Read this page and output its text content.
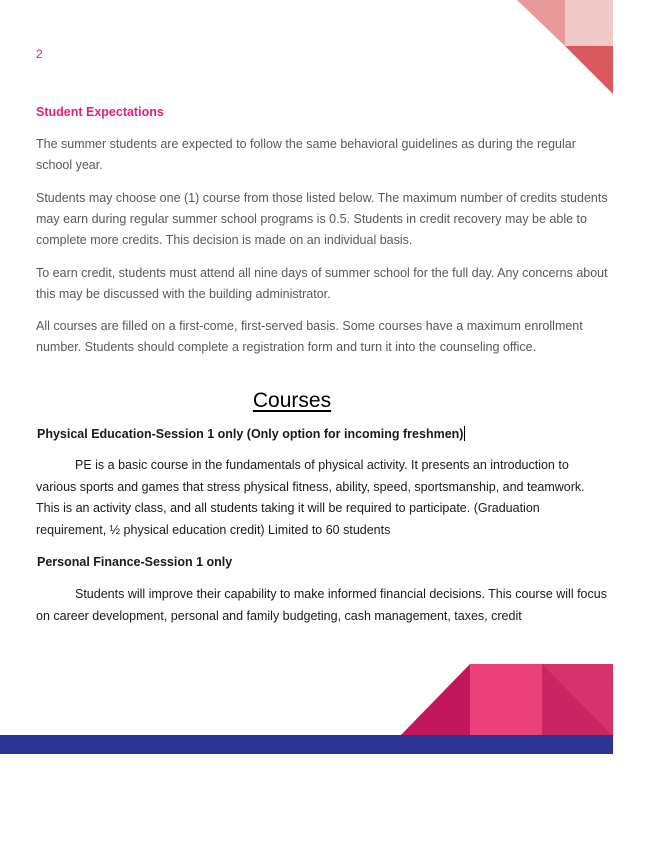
2
Student Expectations

The summer students are expected to follow the same behavioral guidelines as during the regular school year.

Students may choose one (1) course from those listed below. The maximum number of credits students may earn during regular summer school programs is 0.5. Students in credit recovery may be able to complete more credits. This decision is made on an individual basis.

To earn credit, students must attend all nine days of summer school for the full day. Any concerns about this may be discussed with the building administrator.

All courses are filled on a first-come, first-served basis. Some courses have a maximum enrollment number. Students should complete a registration form and turn it into the counseling office.

Courses
Physical Education-Session 1 only (Only option for incoming freshmen)

PE is a basic course in the fundamentals of physical activity. It presents an introduction to various sports and games that stress physical fitness, ability, speed, sportsmanship, and teamwork. This is an activity class, and all students taking it will be required to participate. (Graduation requirement, ½ physical education credit) Limited to 60 students

Personal Finance-Session 1 only

Students will improve their capability to make informed financial decisions. This course will focus on career development, personal and family budgeting, cash management, taxes, credit
